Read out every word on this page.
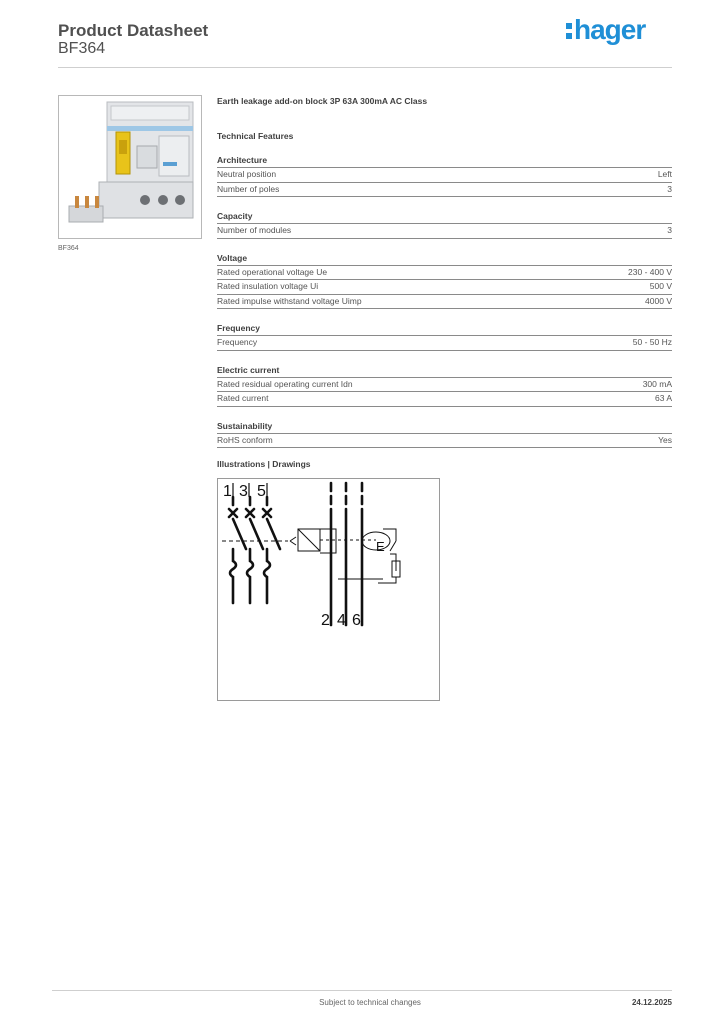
Product Datasheet
BF364
hager
BF364
Earth leakage add-on block 3P 63A 300mA AC Class
Technical Features
Architecture
Neutral position	Left
Number of poles	3
Capacity
Number of modules	3
Voltage
Rated operational voltage Ue	230 - 400 V
Rated insulation voltage Ui	500 V
Rated impulse withstand voltage Uimp	4000 V
Frequency
Frequency	50 - 50 Hz
Electric current
Rated residual operating current Idn	300 mA
Rated current	63 A
Sustainability
RoHS conform	Yes
Illustrations | Drawings
1 3 5
2 4 6
E
Subject to technical changes	24.12.2025
